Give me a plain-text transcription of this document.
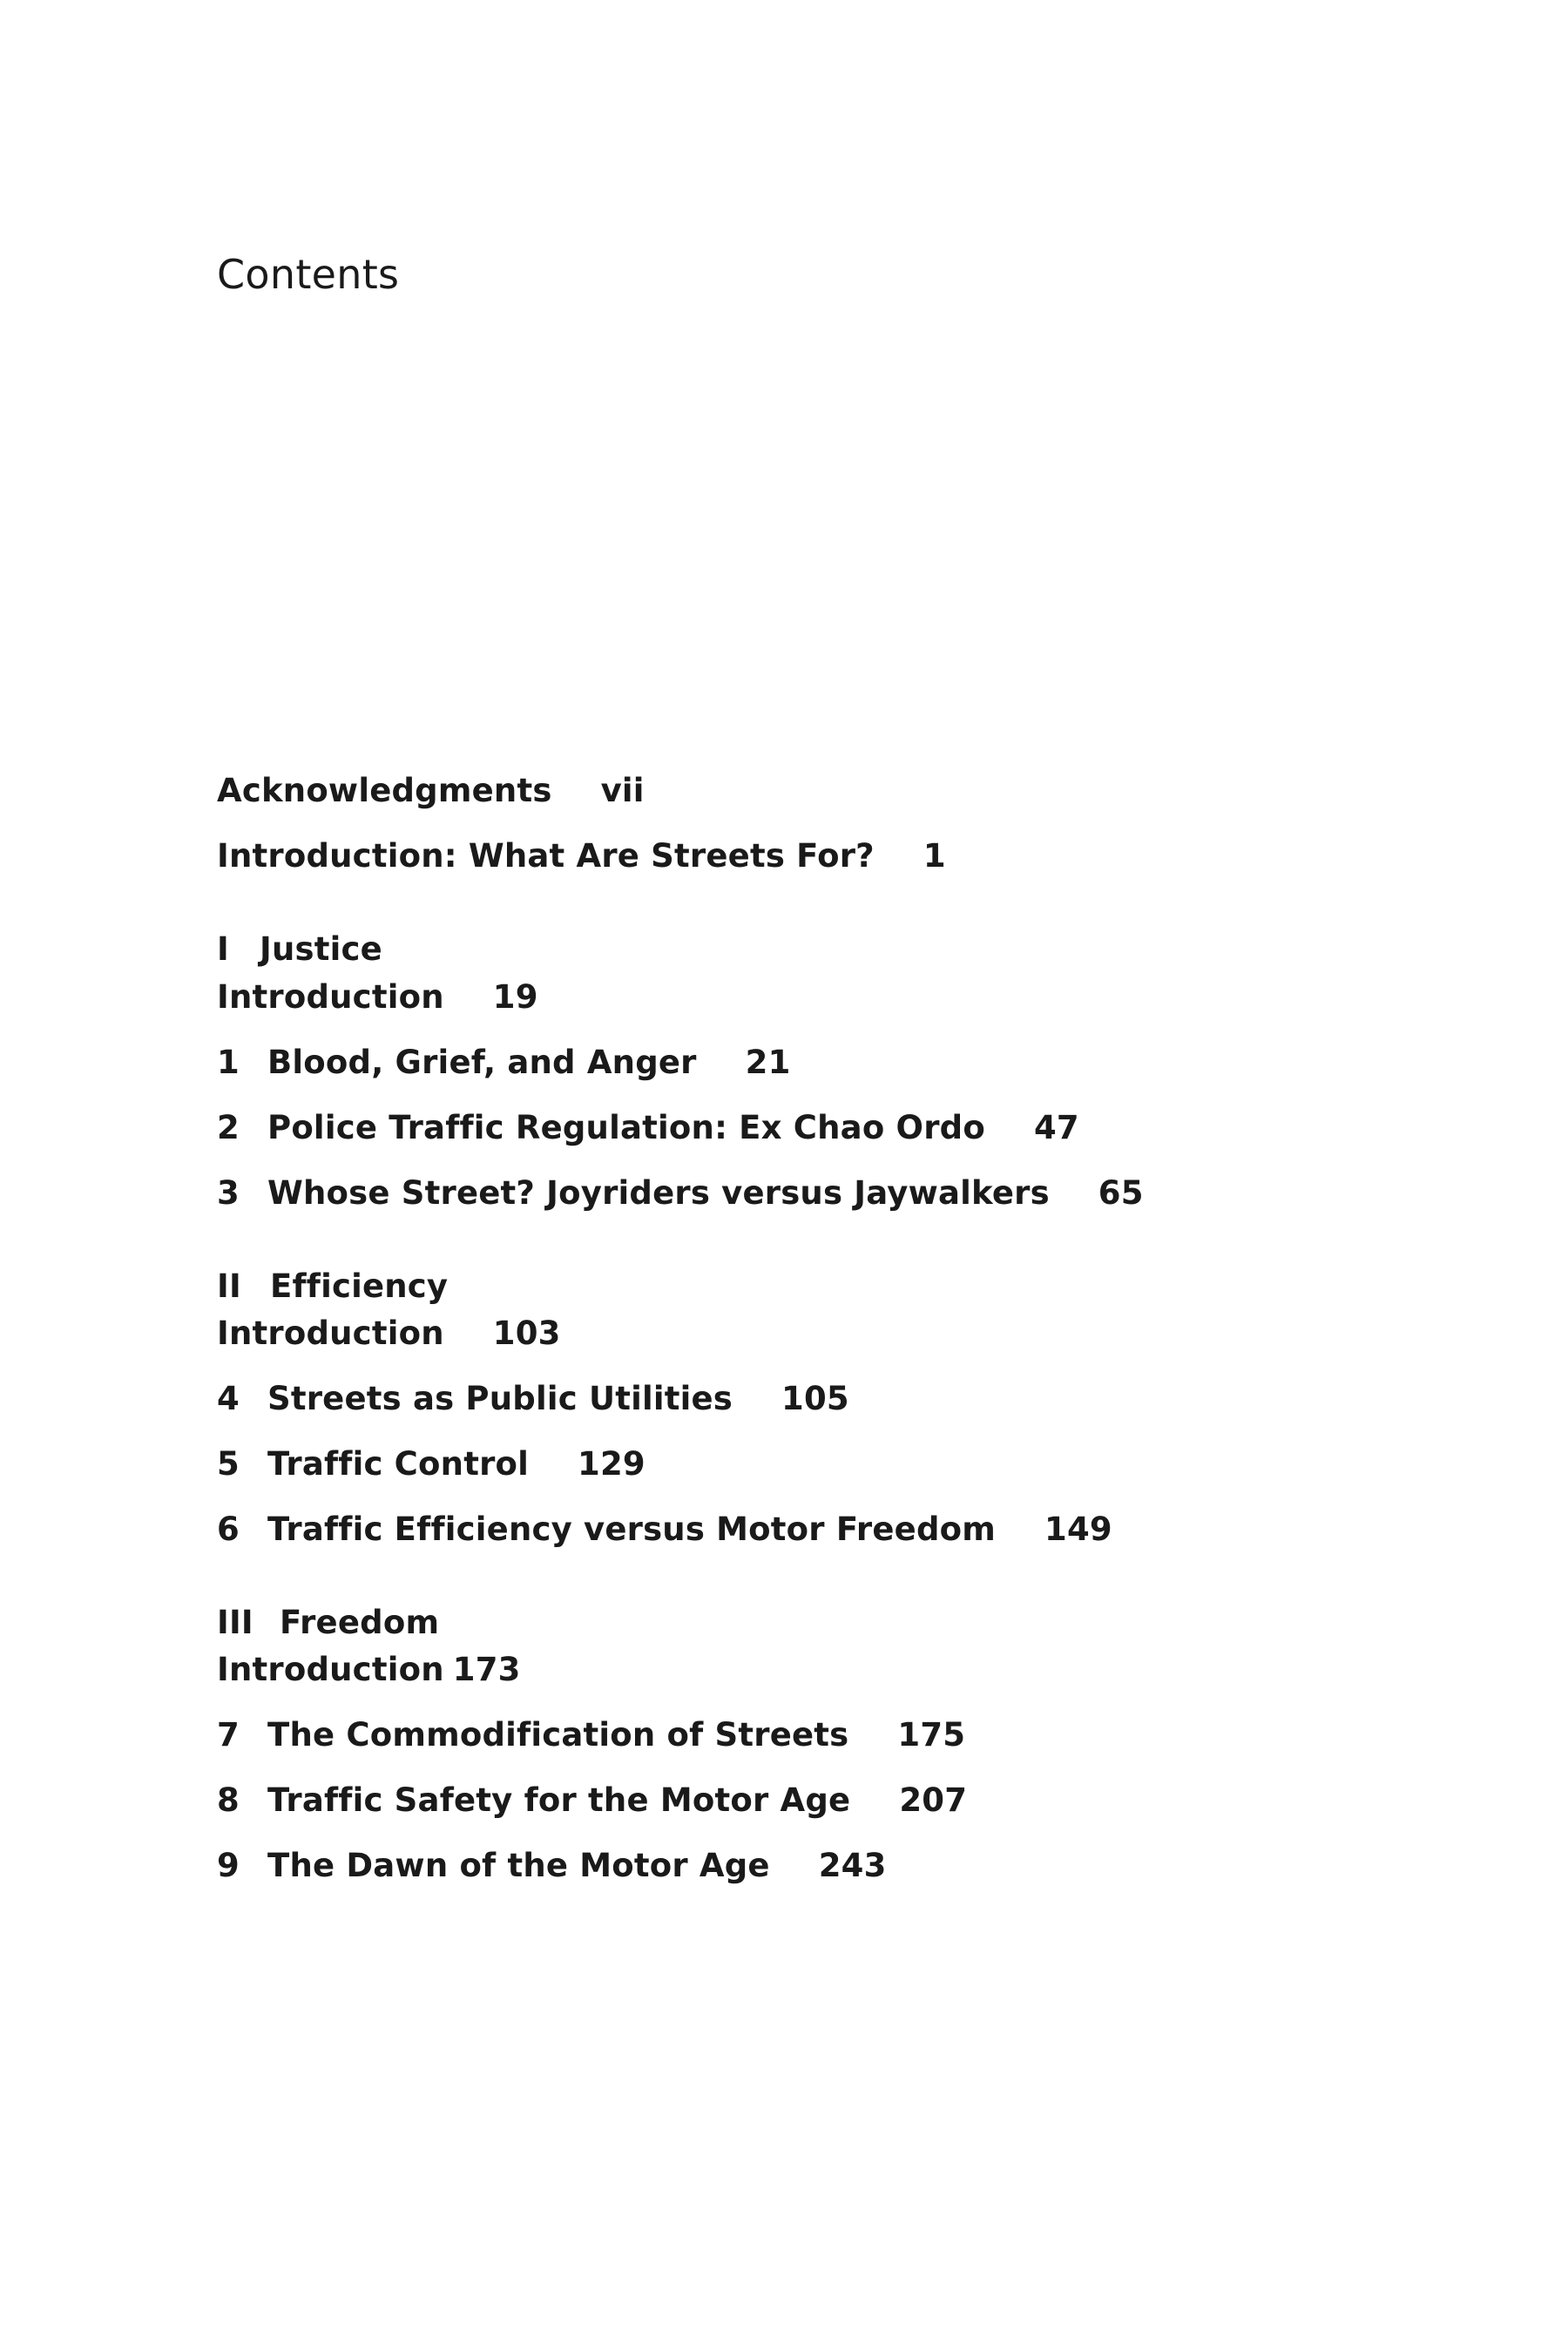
Contents
Acknowledgments vii
Introduction: What Are Streets For? 1
I Justice
Introduction 19
1 Blood, Grief, and Anger 21
2 Police Traffic Regulation: Ex Chao Ordo 47
3 Whose Street? Joyriders versus Jaywalkers 65
II Efficiency
Introduction 103
4 Streets as Public Utilities 105
5 Traffic Control 129
6 Traffic Efficiency versus Motor Freedom 149
III Freedom
Introduction 173
7 The Commodification of Streets 175
8 Traffic Safety for the Motor Age 207
9 The Dawn of the Motor Age 243
